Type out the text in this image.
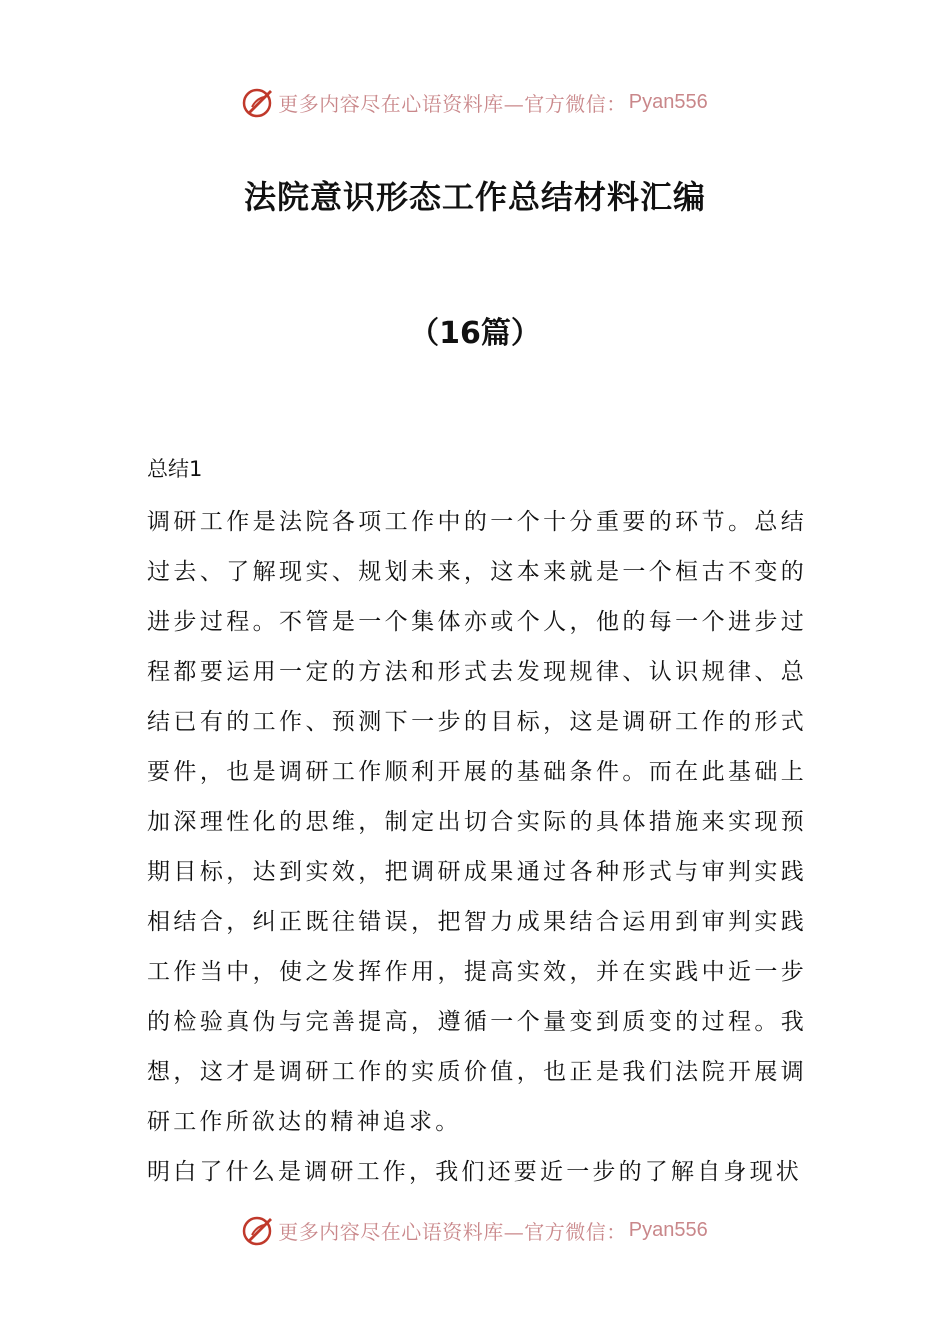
更多内容尽在心语资料库—官方微信： Pyan556
法院意识形态工作总结材料汇编
（16篇）
总结1

调研工作是法院各项工作中的一个十分重要的环节。总结过去、了解现实、规划未来，这本来就是一个桓古不变的进步过程。不管是一个集体亦或个人，他的每一个进步过程都要运用一定的方法和形式去发现规律、认识规律、总结已有的工作、预测下一步的目标，这是调研工作的形式要件，也是调研工作顺利开展的基础条件。而在此基础上加深理性化的思维，制定出切合实际的具体措施来实现预期目标，达到实效，把调研成果通过各种形式与审判实践相结合，纠正既往错误，把智力成果结合运用到审判实践工作当中，使之发挥作用，提高实效，并在实践中近一步的检验真伪与完善提高，遵循一个量变到质变的过程。我想，这才是调研工作的实质价值，也正是我们法院开展调研工作所欲达的精神追求。

明白了什么是调研工作，我们还要近一步的了解自身现状

更多内容尽在心语资料库—官方微信： Pyan556
